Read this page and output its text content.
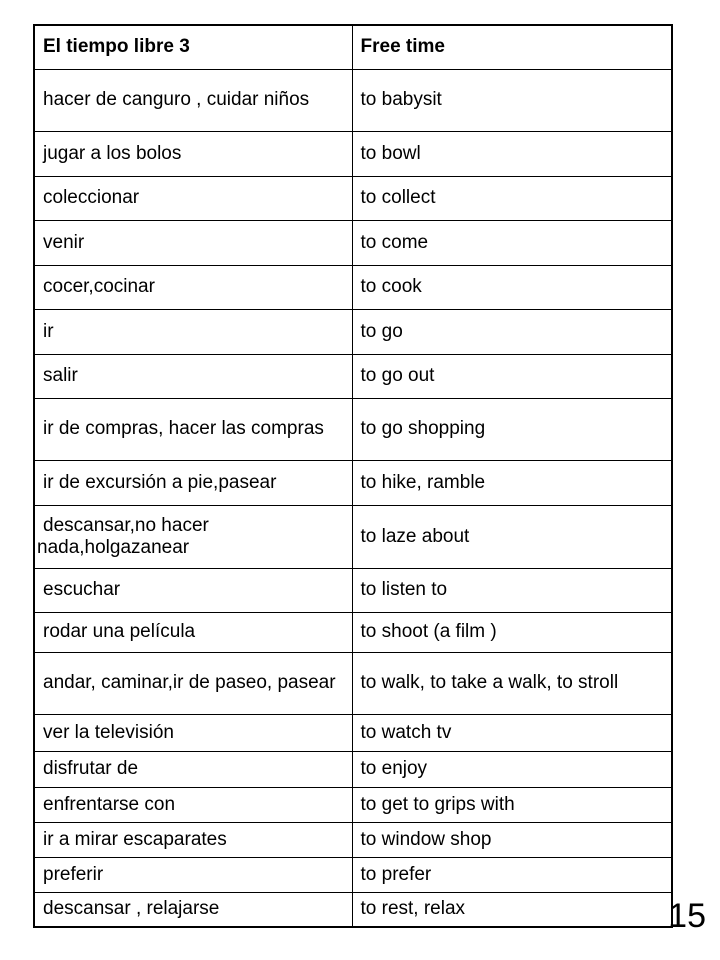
El tiempo libre 3	Free time

hacer de canguro , cuidar niños	to babysit

jugar a los bolos	to bowl

coleccionar	to collect

venir	to come

cocer,cocinar	to cook

ir	to go

salir	to go out

ir de compras, hacer las compras	to go shopping

ir de excursión a pie,pasear	to hike, ramble

descansar,no hacer nada,holgazanear	to laze about

escuchar	to listen to

rodar una película	to shoot (a film )

andar, caminar,ir de paseo, pasear	to walk, to take a walk, to stroll

ver la televisión	to watch tv

disfrutar de	to enjoy

enfrentarse con	to get to grips with

ir a mirar escaparates	to window shop

preferir	to prefer

descansar , relajarse	to rest, relax	15
